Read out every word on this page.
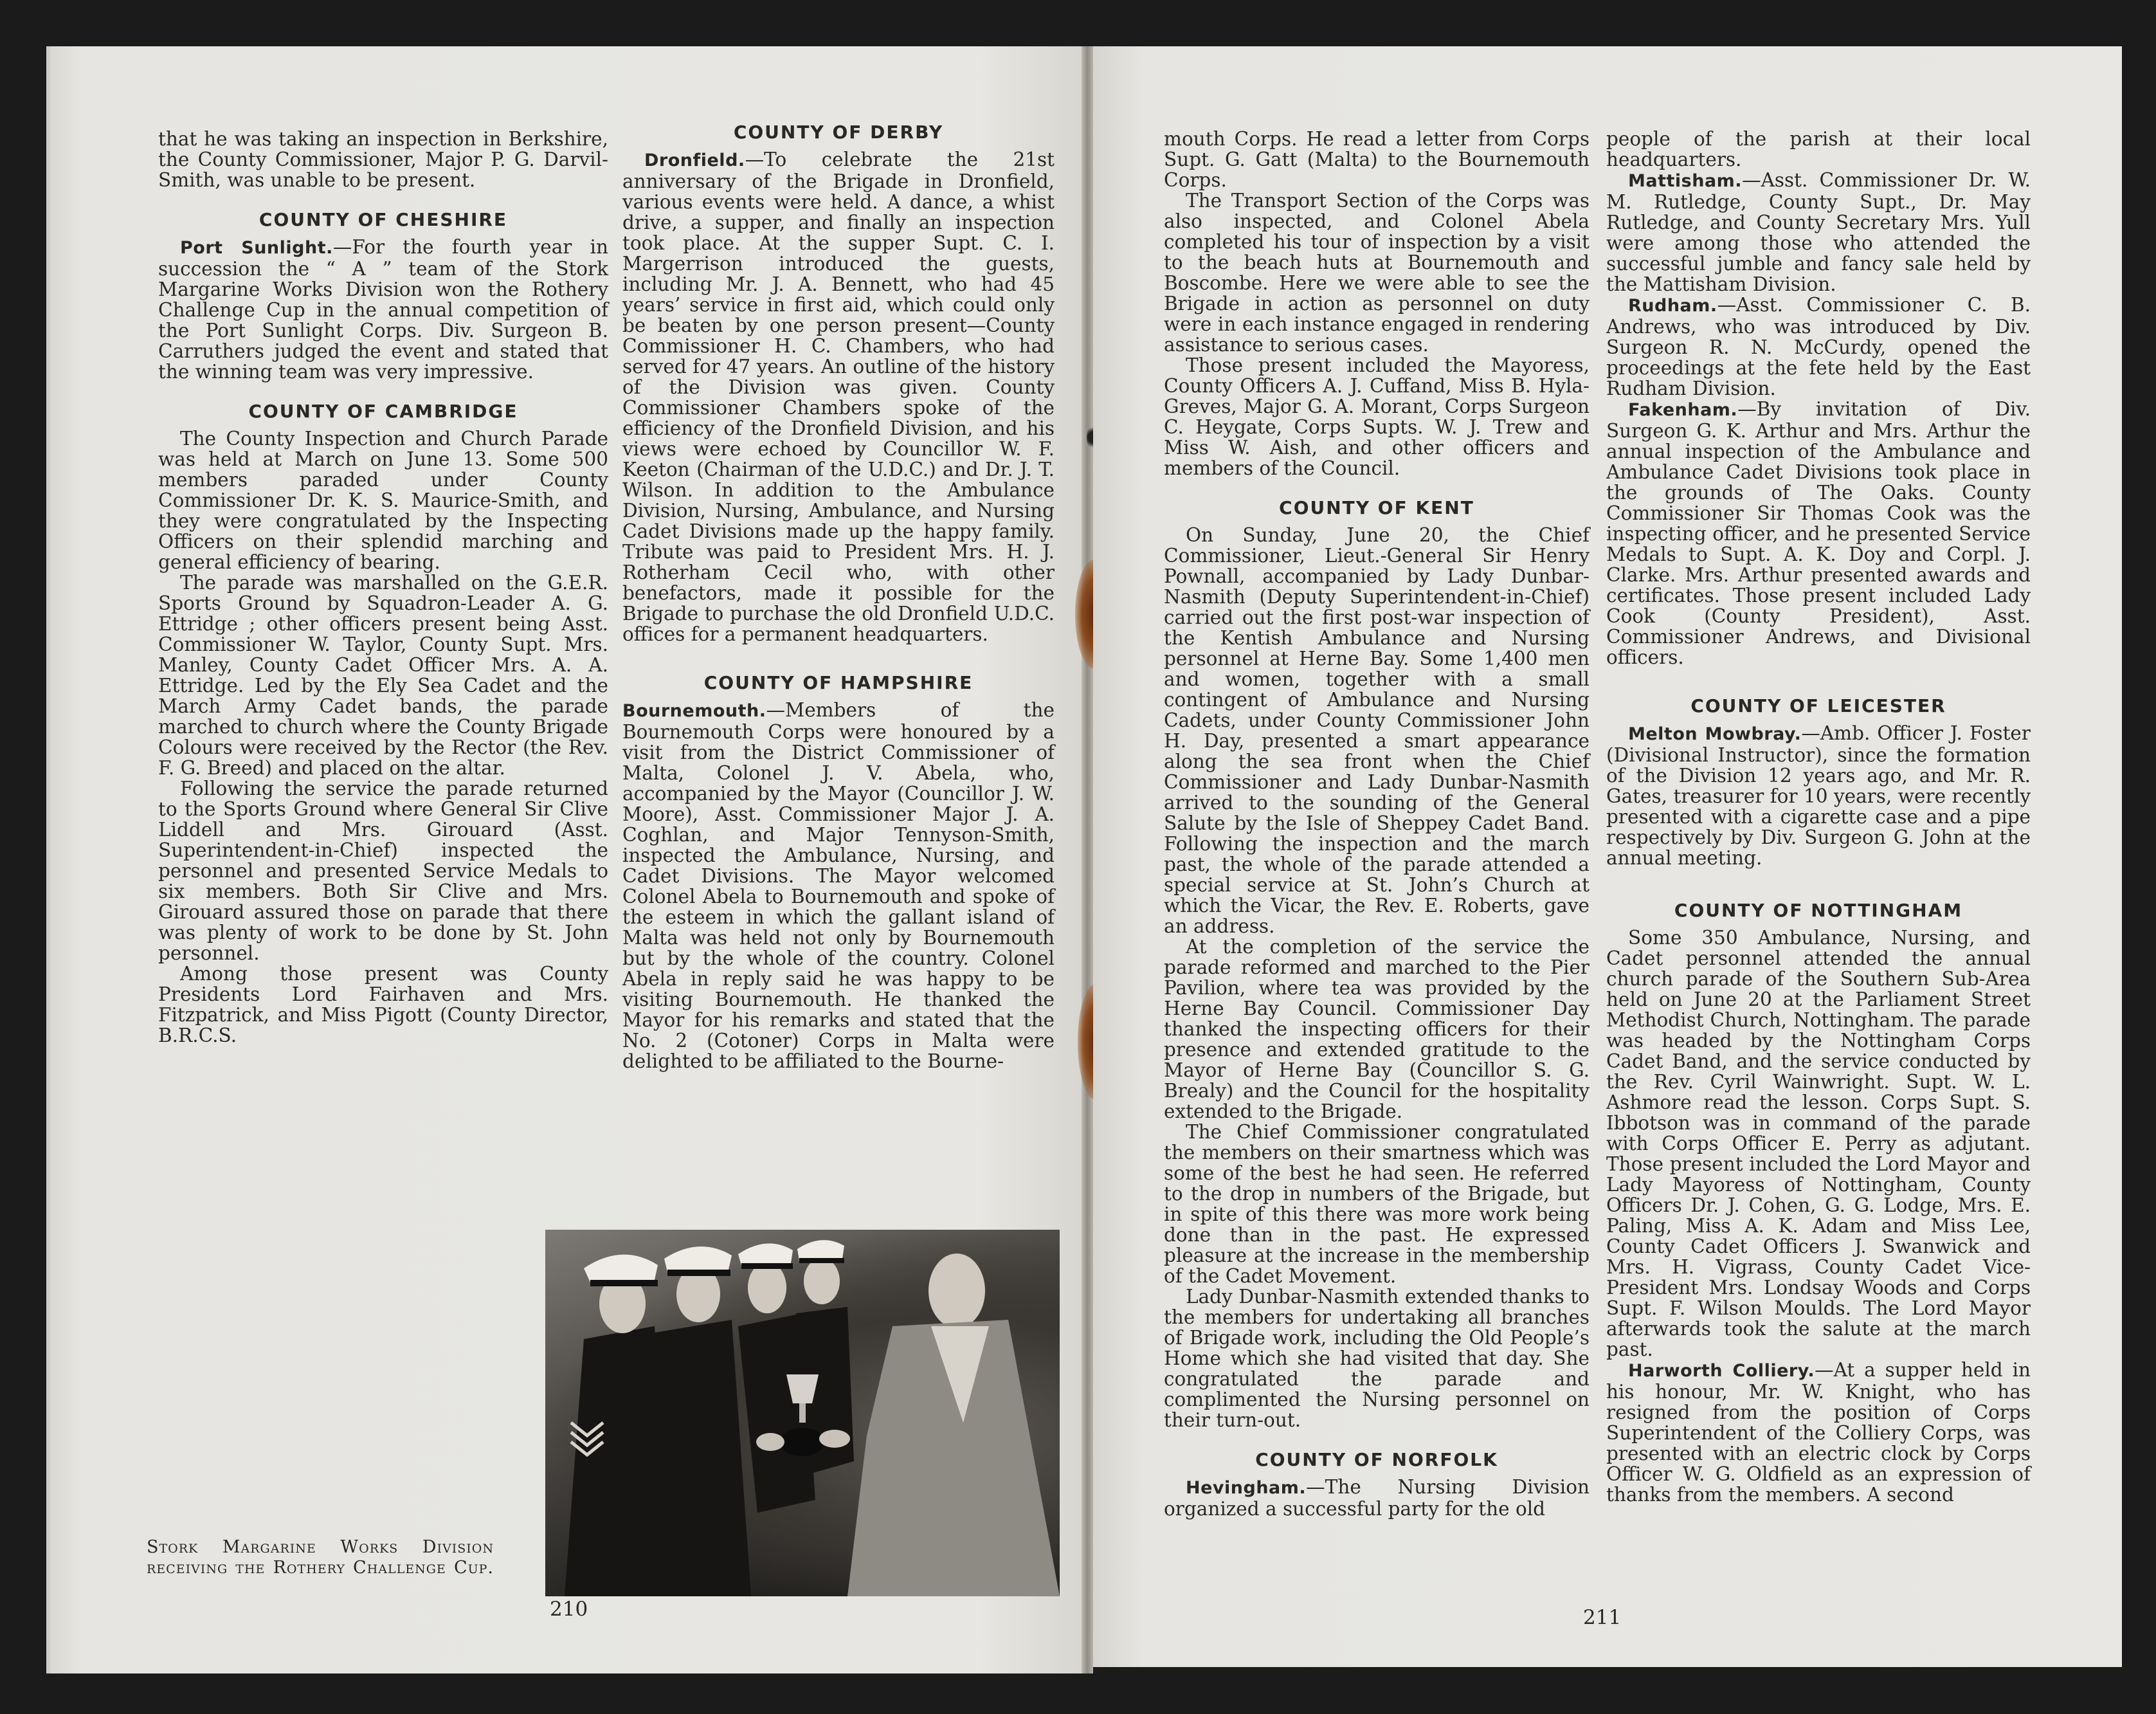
that he was taking an inspection in Berkshire, the County Commissioner, Major P. G. Darvil-Smith, was unable to be present.

COUNTY OF CHESHIRE

Port Sunlight.—For the fourth year in succession the “ A ” team of the Stork Margarine Works Division won the Rothery Challenge Cup in the annual competition of the Port Sunlight Corps. Div. Surgeon B. Carruthers judged the event and stated that the winning team was very impressive.

COUNTY OF CAMBRIDGE

The County Inspection and Church Parade was held at March on June 13. Some 500 members paraded under County Commissioner Dr. K. S. Maurice-Smith, and they were congratulated by the Inspecting Officers on their splendid marching and general efficiency of bearing.

The parade was marshalled on the G.E.R. Sports Ground by Squadron-Leader A. G. Ettridge ; other officers present being Asst. Commissioner W. Taylor, County Supt. Mrs. Manley, County Cadet Officer Mrs. A. A. Ettridge. Led by the Ely Sea Cadet and the March Army Cadet bands, the parade marched to church where the County Brigade Colours were received by the Rector (the Rev. F. G. Breed) and placed on the altar.

Following the service the parade returned to the Sports Ground where General Sir Clive Liddell and Mrs. Girouard (Asst. Superintendent-in-Chief) inspected the personnel and presented Service Medals to six members. Both Sir Clive and Mrs. Girouard assured those on parade that there was plenty of work to be done by St. John personnel.

Among those present was County Presidents Lord Fairhaven and Mrs. Fitzpatrick, and Miss Pigott (County Director, B.R.C.S.

COUNTY OF DERBY

Dronfield.—To celebrate the 21st anniversary of the Brigade in Dronfield, various events were held. A dance, a whist drive, a supper, and finally an inspection took place. At the supper Supt. C. I. Margerrison introduced the guests, including Mr. J. A. Bennett, who had 45 years’ service in first aid, which could only be beaten by one person present—County Commissioner H. C. Chambers, who had served for 47 years. An outline of the history of the Division was given. County Commissioner Chambers spoke of the efficiency of the Dronfield Division, and his views were echoed by Councillor W. F. Keeton (Chairman of the U.D.C.) and Dr. J. T. Wilson. In addition to the Ambulance Division, Nursing, Ambulance, and Nursing Cadet Divisions made up the happy family. Tribute was paid to President Mrs. H. J. Rotherham Cecil who, with other benefactors, made it possible for the Brigade to purchase the old Dronfield U.D.C. offices for a permanent headquarters.

COUNTY OF HAMPSHIRE

Bournemouth.—Members of the Bournemouth Corps were honoured by a visit from the District Commissioner of Malta, Colonel J. V. Abela, who, accompanied by the Mayor (Councillor J. W. Moore), Asst. Commissioner Major J. A. Coghlan, and Major Tennyson-Smith, inspected the Ambulance, Nursing, and Cadet Divisions. The Mayor welcomed Colonel Abela to Bournemouth and spoke of the esteem in which the gallant island of Malta was held not only by Bournemouth but by the whole of the country. Colonel Abela in reply said he was happy to be visiting Bournemouth. He thanked the Mayor for his remarks and stated that the No. 2 (Cotoner) Corps in Malta were delighted to be affiliated to the Bourne-

Stork Margarine Works Division receiving the Rothery Challenge Cup.
210

mouth Corps. He read a letter from Corps Supt. G. Gatt (Malta) to the Bournemouth Corps.

The Transport Section of the Corps was also inspected, and Colonel Abela completed his tour of inspection by a visit to the beach huts at Bournemouth and Boscombe. Here we were able to see the Brigade in action as personnel on duty were in each instance engaged in rendering assistance to serious cases.

Those present included the Mayoress, County Officers A. J. Cuffand, Miss B. Hyla-Greves, Major G. A. Morant, Corps Surgeon C. Heygate, Corps Supts. W. J. Trew and Miss W. Aish, and other officers and members of the Council.

COUNTY OF KENT

On Sunday, June 20, the Chief Commissioner, Lieut.-General Sir Henry Pownall, accompanied by Lady Dunbar-Nasmith (Deputy Superintendent-in-Chief) carried out the first post-war inspection of the Kentish Ambulance and Nursing personnel at Herne Bay. Some 1,400 men and women, together with a small contingent of Ambulance and Nursing Cadets, under County Commissioner John H. Day, presented a smart appearance along the sea front when the Chief Commissioner and Lady Dunbar-Nasmith arrived to the sounding of the General Salute by the Isle of Sheppey Cadet Band. Following the inspection and the march past, the whole of the parade attended a special service at St. John’s Church at which the Vicar, the Rev. E. Roberts, gave an address.

At the completion of the service the parade reformed and marched to the Pier Pavilion, where tea was provided by the Herne Bay Council. Commissioner Day thanked the inspecting officers for their presence and extended gratitude to the Mayor of Herne Bay (Councillor S. G. Brealy) and the Council for the hospitality extended to the Brigade.

The Chief Commissioner congratulated the members on their smartness which was some of the best he had seen. He referred to the drop in numbers of the Brigade, but in spite of this there was more work being done than in the past. He expressed pleasure at the increase in the membership of the Cadet Movement.

Lady Dunbar-Nasmith extended thanks to the members for undertaking all branches of Brigade work, including the Old People’s Home which she had visited that day. She congratulated the parade and complimented the Nursing personnel on their turn-out.

COUNTY OF NORFOLK

Hevingham.—The Nursing Division organized a successful party for the old

people of the parish at their local headquarters.

Mattisham.—Asst. Commissioner Dr. W. M. Rutledge, County Supt., Dr. May Rutledge, and County Secretary Mrs. Yull were among those who attended the successful jumble and fancy sale held by the Mattisham Division.

Rudham.—Asst. Commissioner C. B. Andrews, who was introduced by Div. Surgeon R. N. McCurdy, opened the proceedings at the fete held by the East Rudham Division.

Fakenham.—By invitation of Div. Surgeon G. K. Arthur and Mrs. Arthur the annual inspection of the Ambulance and Ambulance Cadet Divisions took place in the grounds of The Oaks. County Commissioner Sir Thomas Cook was the inspecting officer, and he presented Service Medals to Supt. A. K. Doy and Corpl. J. Clarke. Mrs. Arthur presented awards and certificates. Those present included Lady Cook (County President), Asst. Commissioner Andrews, and Divisional officers.

COUNTY OF LEICESTER

Melton Mowbray.—Amb. Officer J. Foster (Divisional Instructor), since the formation of the Division 12 years ago, and Mr. R. Gates, treasurer for 10 years, were recently presented with a cigarette case and a pipe respectively by Div. Surgeon G. John at the annual meeting.

COUNTY OF NOTTINGHAM

Some 350 Ambulance, Nursing, and Cadet personnel attended the annual church parade of the Southern Sub-Area held on June 20 at the Parliament Street Methodist Church, Nottingham. The parade was headed by the Nottingham Corps Cadet Band, and the service conducted by the Rev. Cyril Wainwright. Supt. W. L. Ashmore read the lesson. Corps Supt. S. Ibbotson was in command of the parade with Corps Officer E. Perry as adjutant. Those present included the Lord Mayor and Lady Mayoress of Nottingham, County Officers Dr. J. Cohen, G. G. Lodge, Mrs. E. Paling, Miss A. K. Adam and Miss Lee, County Cadet Officers J. Swanwick and Mrs. H. Vigrass, County Cadet Vice-President Mrs. Londsay Woods and Corps Supt. F. Wilson Moulds. The Lord Mayor afterwards took the salute at the march past.

Harworth Colliery.—At a supper held in his honour, Mr. W. Knight, who has resigned from the position of Corps Superintendent of the Colliery Corps, was presented with an electric clock by Corps Officer W. G. Oldfield as an expression of thanks from the members. A second

211
